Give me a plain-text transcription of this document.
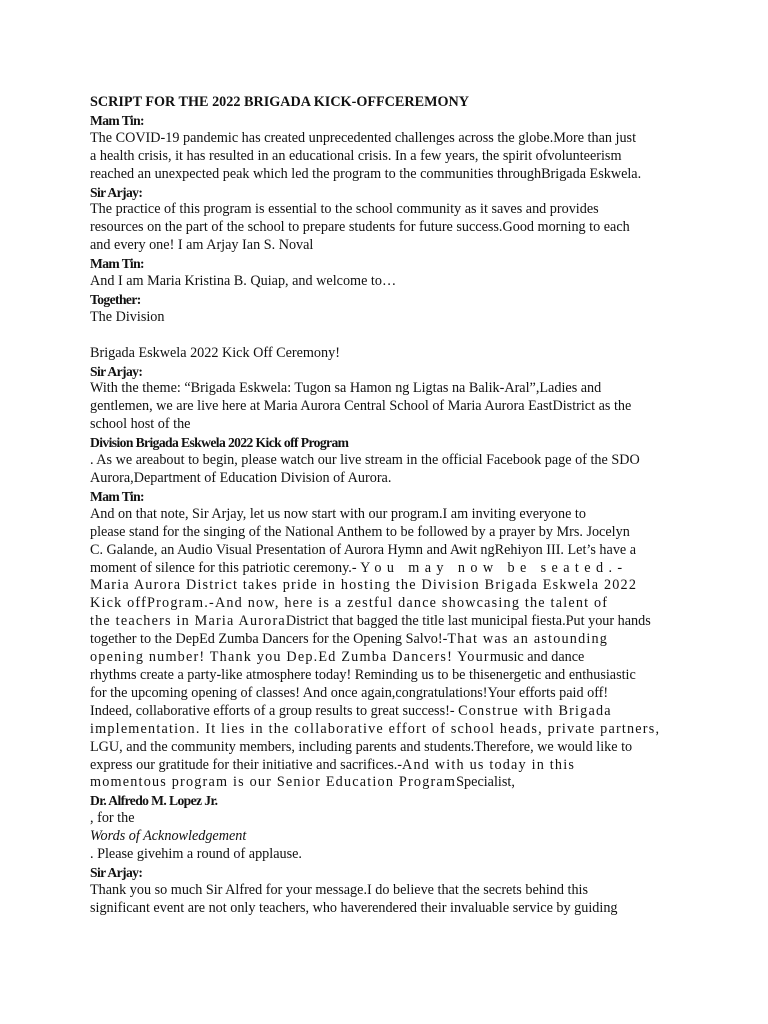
SCRIPT FOR THE 2022 BRIGADA KICK-OFFCEREMONY
Mam Tin:
The COVID-19 pandemic has created unprecedented challenges across the globe.More than just
a health crisis, it has resulted in an educational crisis. In a few years, the spirit ofvolunteerism
reached an unexpected peak which led the program to the communities throughBrigada Eskwela.
Sir Arjay:
The practice of this program is essential to the school community as it saves and provides
resources on the part of the school to prepare students for future success.Good morning to each
and every one! I am Arjay Ian S. Noval
Mam Tin:
And I am Maria Kristina B. Quiap, and welcome to…
Together:
The Division
Brigada Eskwela 2022 Kick Off Ceremony!
Sir Arjay:
With the theme: “Brigada Eskwela: Tugon sa Hamon ng Ligtas na Balik-Aral”,Ladies and
gentlemen, we are live here at Maria Aurora Central School of Maria Aurora EastDistrict as the
school host of the
Division Brigada Eskwela 2022 Kick off Program
. As we areabout to begin, please watch our live stream in the official Facebook page of the SDO
Aurora,Department of Education Division of Aurora.
Mam Tin:
And on that note, Sir Arjay, let us now start with our program.I am inviting everyone to
please stand for the singing of the National Anthem to be followed by a prayer by Mrs. Jocelyn
C. Galande, an Audio Visual Presentation of Aurora Hymn and Awit ngRehiyon III. Let’s have a
moment of silence for this patriotic ceremony.- You may now be seated.-
Maria Aurora District takes pride in hosting the Division Brigada Eskwela 2022
Kick offProgram.-And now, here is a zestful dance showcasing the talent of
the teachers in Maria AuroraDistrict that bagged the title last municipal fiesta.Put your hands
together to the DepEd Zumba Dancers for the Opening Salvo!-That was an astounding
opening number! Thank you Dep.Ed Zumba Dancers! Yourmusic and dance
rhythms create a party-like atmosphere today! Reminding us to be thisenergetic and enthusiastic
for the upcoming opening of classes! And once again,congratulations!Your efforts paid off!
Indeed, collaborative efforts of a group results to great success!- Construe with Brigada
implementation. It lies in the collaborative effort of school heads, private partners,
LGU, and the community members, including parents and students.Therefore, we would like to
express our gratitude for their initiative and sacrifices.-And with us today in this
momentous program is our Senior Education ProgramSpecialist,
Dr. Alfredo M. Lopez Jr.
, for the
Words of Acknowledgement
. Please givehim a round of applause.
Sir Arjay:
Thank you so much Sir Alfred for your message.I do believe that the secrets behind this
significant event are not only teachers, who haverendered their invaluable service by guiding
